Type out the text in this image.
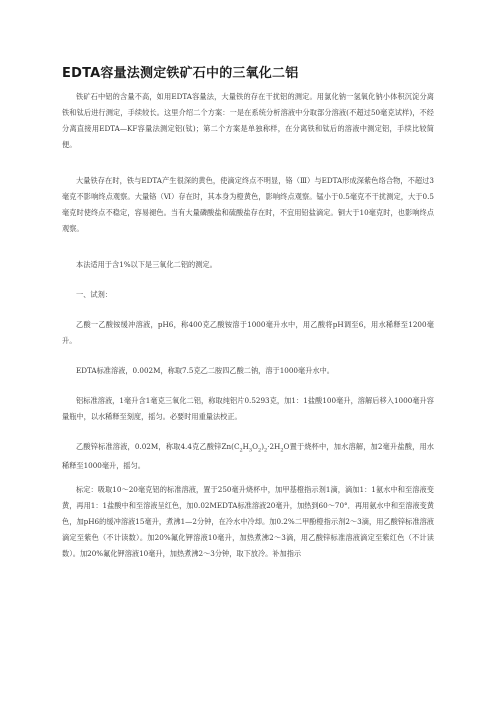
EDTA容量法测定铁矿石中的三氧化二铝

铁矿石中铝的含量不高，如用EDTA容量法，大量铁的存在干扰铝的测定。用氯化钠一氢氧化钠小体积沉淀分离铁和钛后进行测定，手续较长。这里介绍二个方案：一是在系统分析溶液中分取部分溶液(不超过50毫克试样)，不经分离直接用EDTA—KF容量法测定铝(钛)；第二个方案是单独称样，在分离铁和钛后的溶液中测定铝，手续比较简便。

大量铁存在时，铁与EDTA产生很深的黄色，使滴定终点不明显，铬（Ⅲ）与EDTA形成深紫色络合物，不超过3毫克不影响终点观察。大量铬（Ⅵ）存在时，其本身为橙黄色，影响终点观察。锰小于0.5毫克不干扰测定，大于0.5毫克时使终点不稳定，容易褪色。当有大量磷酸盐和硫酸盐存在时，不宜用铅盐滴定。铜大于10毫克时，也影响终点观察。

本法适用于含1%以下是三氧化二铝的测定。

一、试剂：

乙酸一乙酸铵缓冲溶液，pH6，称400克乙酸铵溶于1000毫升水中，用乙酸将pH调至6，用水稀释至1200毫升。

EDTA标准溶液，0.002M，称取7.5克乙二胺四乙酸二钠，溶于1000毫升水中。

铝标准溶液，1毫升含1毫克三氧化二铝，称取纯铝片0.5293克，加1：1盐酸100毫升，溶解后移入1000毫升容量瓶中，以水稀释至刻度，摇匀。必要时用重量法校正。

乙酸锌标准溶液，0.02M，称取4.4克乙酸锌$Zn(C_2H_3O_2)_2\cdot 2H_2O$置于烧杯中，加水溶解，加2毫升盐酸，用水稀释至1000毫升，摇匀。

标定：吸取10～20毫克铝的标准溶液，置于250毫升烧杯中，加甲基橙指示剂1滴，滴加1：1氨水中和至溶液变黄，再用1：1盐酸中和至溶液呈红色，加0.02MEDTA标准溶液20毫升，加热到60～70°．再用氨水中和至溶液变黄色，加pH6的缓冲溶液15毫升，煮沸1—2分钟，在冷水中冷却。加0.2%二甲酚橙指示剂2～3滴，用乙酸锌标准溶液滴定至紫色（不计读数）。加20%氟化钾溶液10毫升，加热煮沸2～3滴，用乙酸锌标准溶液滴定至紫红色（不计读数）。加20%氟化钾溶液10毫升，加热煮沸2～3分钟，取下放冷。补加指示
